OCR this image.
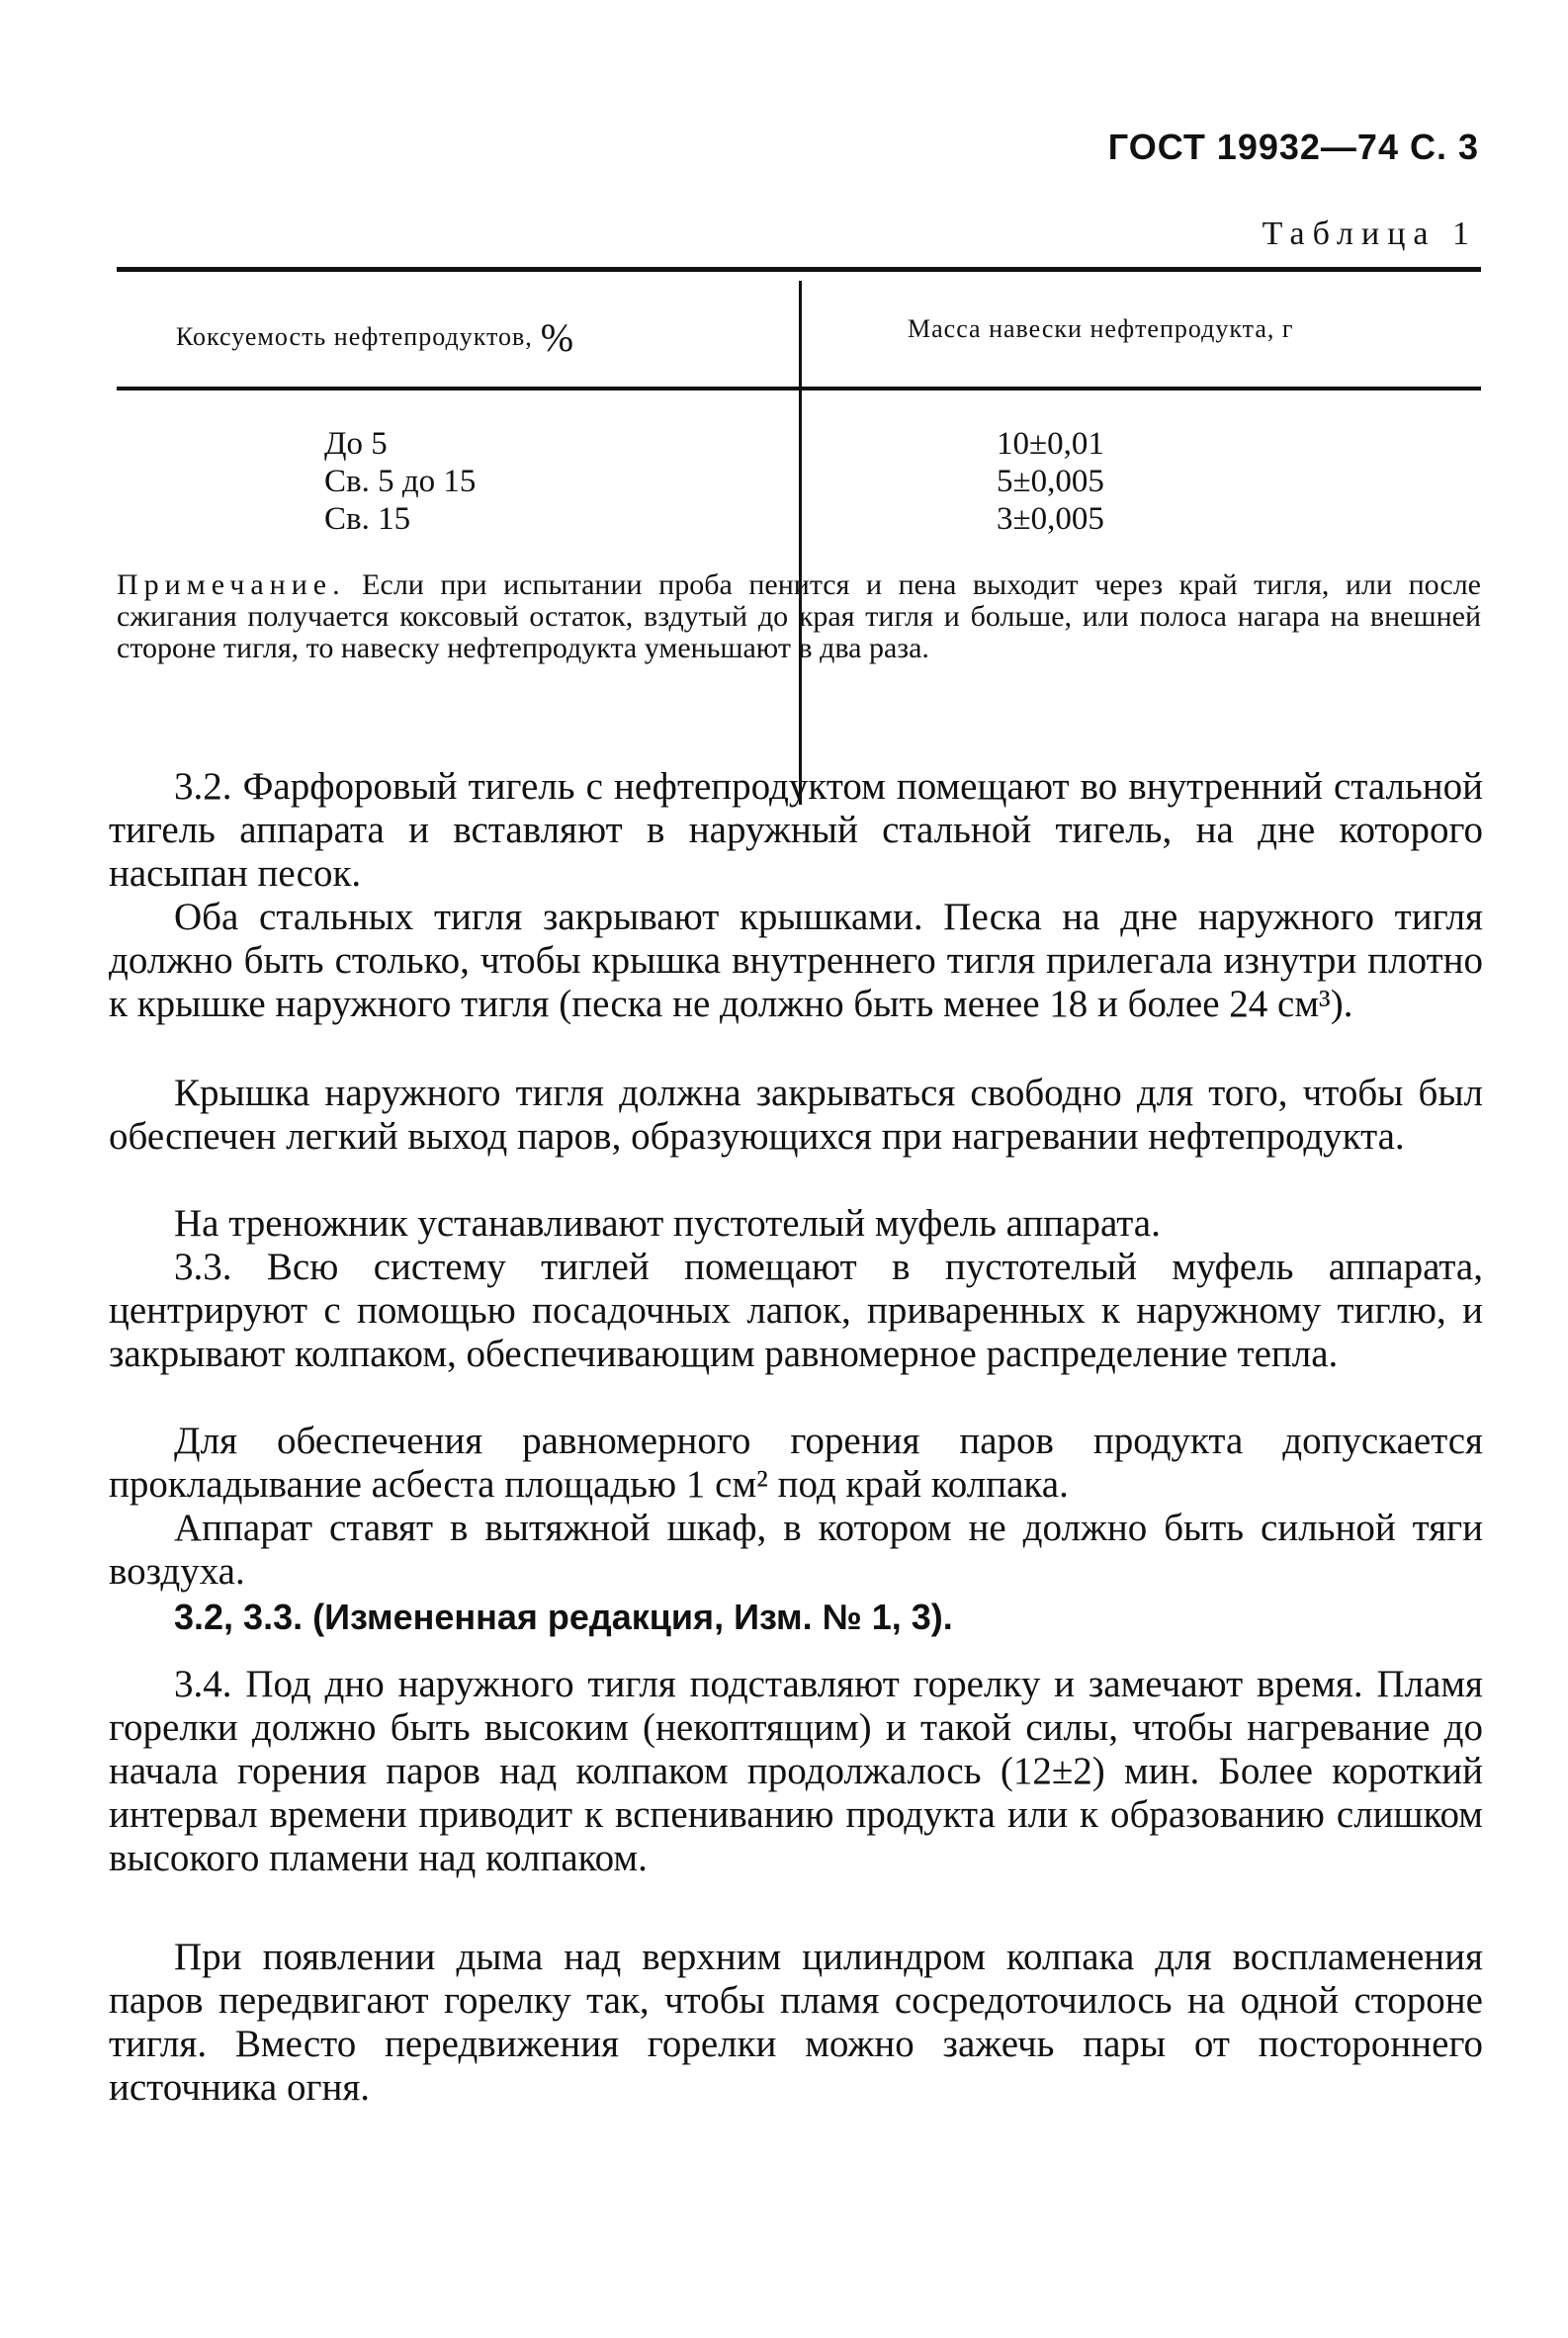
ГОСТ 19932—74 С. 3
Таблица 1
Коксуемость нефтепродуктов, %	Масса навески нефтепродукта, г
До 5
Св. 5 до 15
Св. 15
10±0,01
5±0,005
3±0,005
Примечание. Если при испытании проба пенится и пена выходит через край тигля, или после сжигания получается коксовый остаток, вздутый до края тигля и больше, или полоса нагара на внешней стороне тигля, то навеску нефтепродукта уменьшают в два раза.

3.2. Фарфоровый тигель с нефтепродуктом помещают во внутренний стальной тигель аппарата и вставляют в наружный стальной тигель, на дне которого насыпан песок.

Оба стальных тигля закрывают крышками. Песка на дне наружного тигля должно быть столько, чтобы крышка внутреннего тигля прилегала изнутри плотно к крышке наружного тигля (песка не должно быть менее 18 и более 24 см³).

Крышка наружного тигля должна закрываться свободно для того, чтобы был обеспечен легкий выход паров, образующихся при нагревании нефтепродукта.

На треножник устанавливают пустотелый муфель аппарата.

3.3. Всю систему тиглей помещают в пустотелый муфель аппарата, центрируют с помощью посадочных лапок, приваренных к наружному тиглю, и закрывают колпаком, обеспечивающим равномерное распределение тепла.

Для обеспечения равномерного горения паров продукта допускается прокладывание асбеста площадью 1 см² под край колпака.

Аппарат ставят в вытяжной шкаф, в котором не должно быть сильной тяги воздуха.

3.2, 3.3. (Измененная редакция, Изм. № 1, 3).

3.4. Под дно наружного тигля подставляют горелку и замечают время. Пламя горелки должно быть высоким (некоптящим) и такой силы, чтобы нагревание до начала горения паров над колпаком продолжалось (12±2) мин. Более короткий интервал времени приводит к вспениванию продукта или к образованию слишком высокого пламени над колпаком.

При появлении дыма над верхним цилиндром колпака для воспламенения паров передвигают горелку так, чтобы пламя сосредоточилось на одной стороне тигля. Вместо передвижения горелки можно зажечь пары от постороннего источника огня.
